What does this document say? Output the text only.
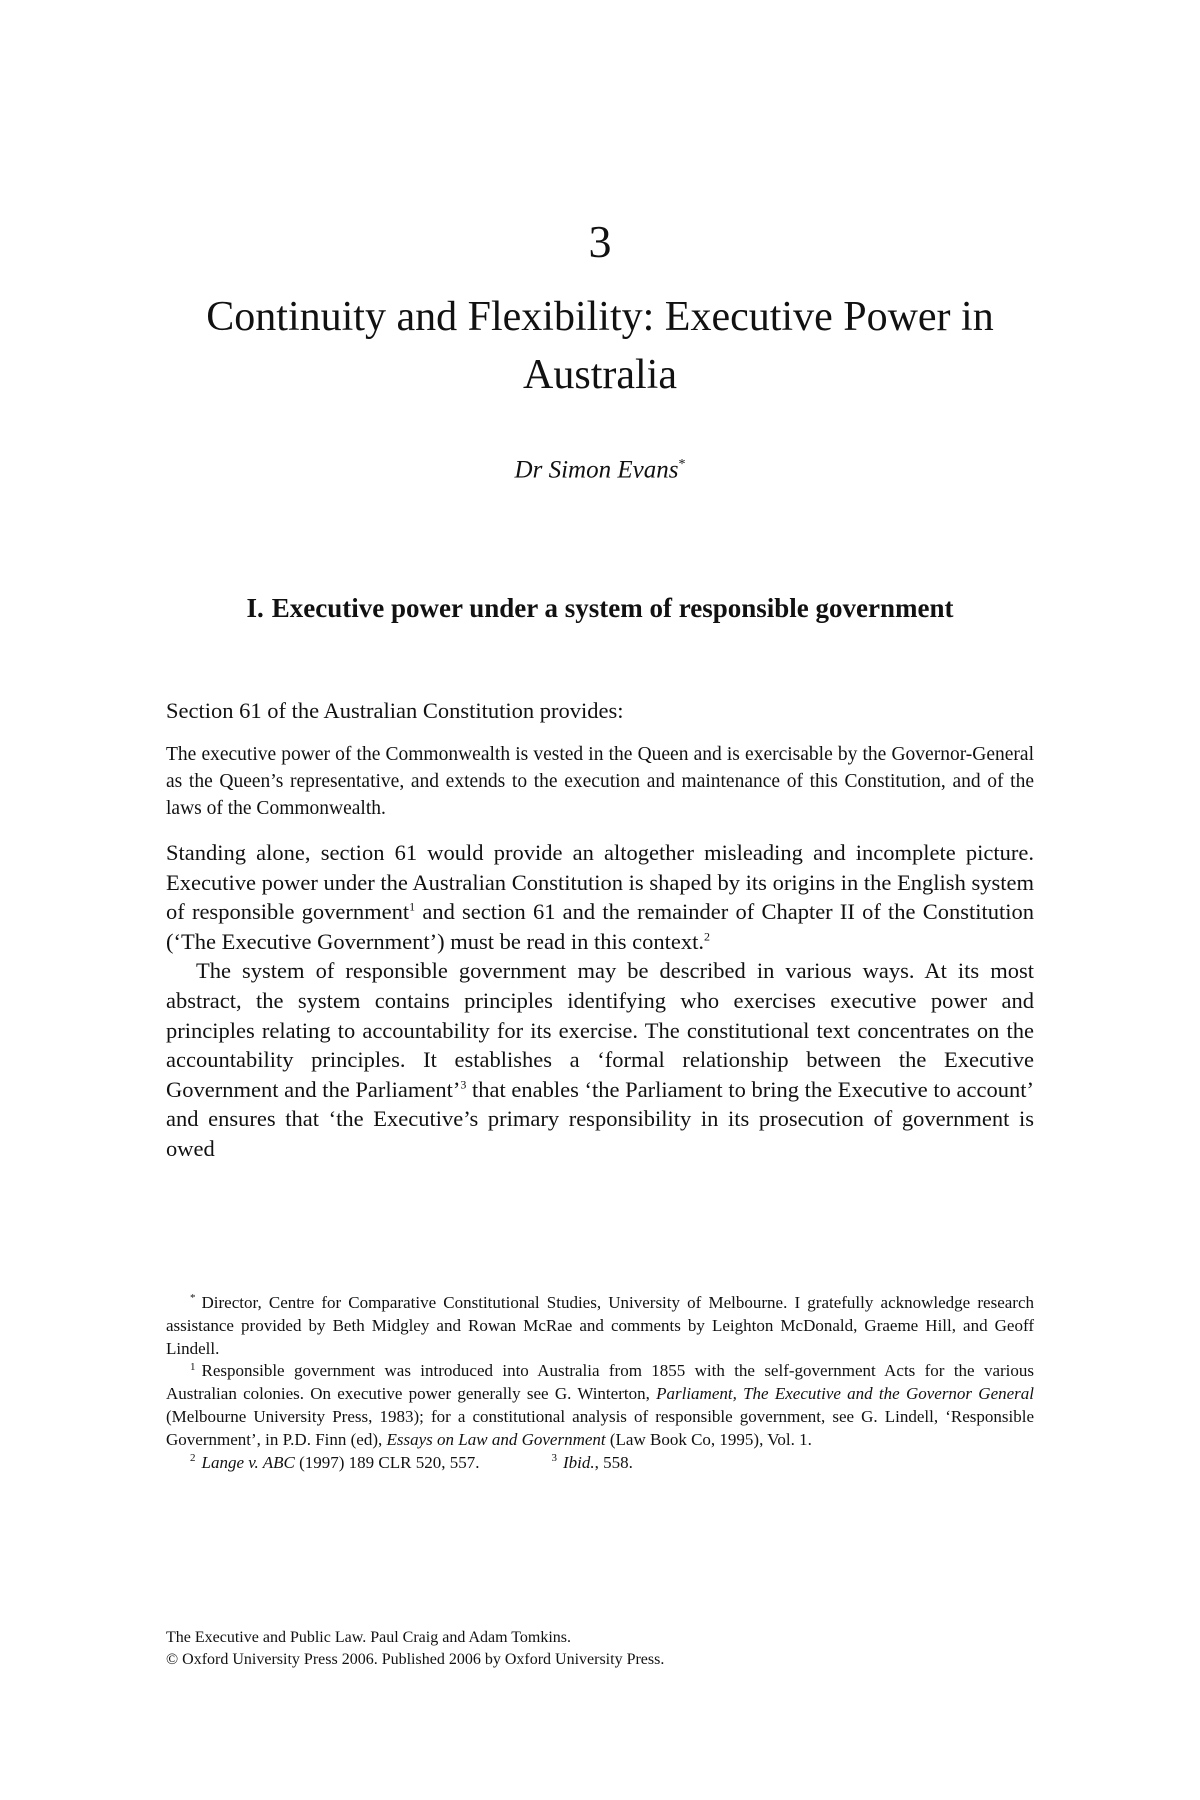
3
Continuity and Flexibility: Executive Power in Australia
Dr Simon Evans*
I. Executive power under a system of responsible government
Section 61 of the Australian Constitution provides:
The executive power of the Commonwealth is vested in the Queen and is exercisable by the Governor-General as the Queen’s representative, and extends to the execution and maintenance of this Constitution, and of the laws of the Commonwealth.

Standing alone, section 61 would provide an altogether misleading and incomplete picture. Executive power under the Australian Constitution is shaped by its origins in the English system of responsible government$^1$ and section 61 and the remainder of Chapter II of the Constitution (‘The Executive Government’) must be read in this context.$^2$

The system of responsible government may be described in various ways. At its most abstract, the system contains principles identifying who exercises executive power and principles relating to accountability for its exercise. The constitutional text concentrates on the accountability principles. It establishes a ‘formal relationship between the Executive Government and the Parliament’$^3$ that enables ‘the Parliament to bring the Executive to account’ and ensures that ‘the Executive’s primary responsibility in its prosecution of government is owed

* Director, Centre for Comparative Constitutional Studies, University of Melbourne. I gratefully acknowledge research assistance provided by Beth Midgley and Rowan McRae and comments by Leighton McDonald, Graeme Hill, and Geoff Lindell.

$^1$ Responsible government was introduced into Australia from 1855 with the self-government Acts for the various Australian colonies. On executive power generally see G. Winterton, Parliament, The Executive and the Governor General (Melbourne University Press, 1983); for a constitutional analysis of responsible government, see G. Lindell, ‘Responsible Government’, in P.D. Finn (ed), Essays on Law and Government (Law Book Co, 1995), Vol. 1.

$^2$ Lange v. ABC (1997) 189 CLR 520, 557.	$^3$ Ibid., 558.

The Executive and Public Law. Paul Craig and Adam Tomkins.
© Oxford University Press 2006. Published 2006 by Oxford University Press.
